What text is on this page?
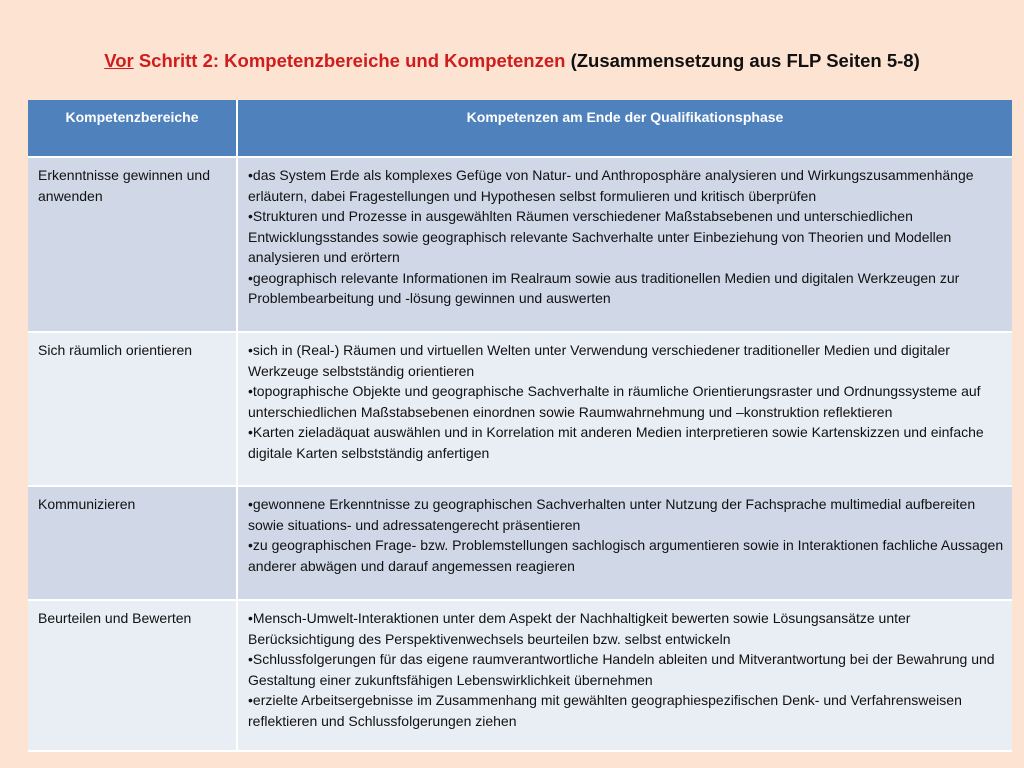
Vor Schritt 2: Kompetenzbereiche und Kompetenzen (Zusammensetzung aus FLP Seiten 5-8)
Kompetenzbereiche	Kompetenzen am Ende der Qualifikationsphase
Erkenntnisse gewinnen und anwenden	•das System Erde als komplexes Gefüge von Natur- und Anthroposphäre analysieren und Wirkungszusammenhänge erläutern, dabei Fragestellungen und Hypothesen selbst formulieren und kritisch überprüfen
•Strukturen und Prozesse in ausgewählten Räumen verschiedener Maßstabsebenen und unterschiedlichen Entwicklungsstandes sowie geographisch relevante Sachverhalte unter Einbeziehung von Theorien und Modellen analysieren und erörtern
•geographisch relevante Informationen im Realraum sowie aus traditionellen Medien und digitalen Werkzeugen zur Problembearbeitung und -lösung gewinnen und auswerten

Sich räumlich orientieren	•sich in (Real-) Räumen und virtuellen Welten unter Verwendung verschiedener traditioneller Medien und digitaler Werkzeuge selbstständig orientieren
•topographische Objekte und geographische Sachverhalte in räumliche Orientierungsraster und Ordnungssysteme auf unterschiedlichen Maßstabsebenen einordnen sowie Raumwahrnehmung und –konstruktion reflektieren
•Karten zieladäquat auswählen und in Korrelation mit anderen Medien interpretieren sowie Kartenskizzen und einfache digitale Karten selbstständig anfertigen

Kommunizieren	•gewonnene Erkenntnisse zu geographischen Sachverhalten unter Nutzung der Fachsprache multimedial aufbereiten sowie situations- und adressatengerecht präsentieren
•zu geographischen Frage- bzw. Problemstellungen sachlogisch argumentieren sowie in Interaktionen fachliche Aussagen anderer abwägen und darauf angemessen reagieren

Beurteilen und Bewerten	•Mensch-Umwelt-Interaktionen unter dem Aspekt der Nachhaltigkeit bewerten sowie Lösungsansätze unter Berücksichtigung des Perspektivenwechsels beurteilen bzw. selbst entwickeln
•Schlussfolgerungen für das eigene raumverantwortliche Handeln ableiten und Mitverantwortung bei der Bewahrung und Gestaltung einer zukunftsfähigen Lebenswirklichkeit übernehmen
•erzielte Arbeitsergebnisse im Zusammenhang mit gewählten geographiespezifischen Denk- und Verfahrensweisen reflektieren und Schlussfolgerungen ziehen
